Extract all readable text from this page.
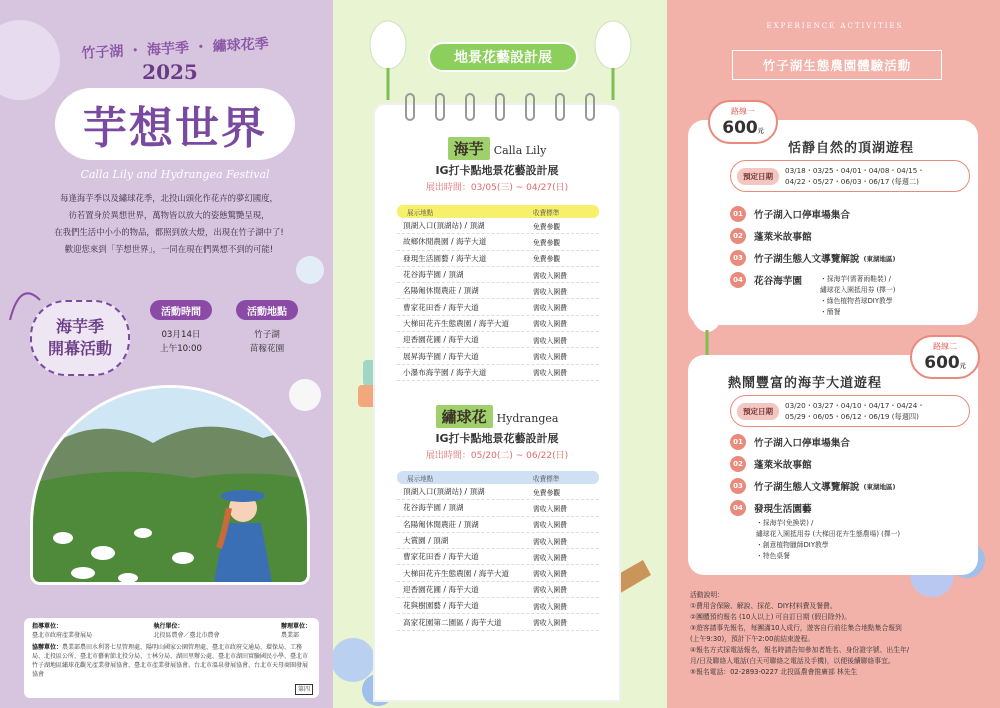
竹子湖 ・ 海芋季 ・ 繡球花季
2025
芋想世界
Calla Lily and Hydrangea Festival
每逢海芋季以及繡球花季，北投山頭化作花卉的夢幻國度，
彷若置身於異想世界，萬物皆以放大的姿態驚艷呈現，
在我們生活中小小的物品，都照到放大燈，出現在竹子湖中了!
歡迎您來到「芋想世界」，一同在現在們異想不到的可能!
海芋季
開幕活動
活動時間
03月14日
上午10:00
活動地點
竹子湖
苗稼花園
指導單位：
臺北市政府產業發展局
執行單位：
北投區農會／臺北市農會
辦理單位：
農業部
協辦單位：農業部農田水利署七星管理處、陽明山國家公園管理處、臺北市政府交通局、環保局、工務局、北投區公所、臺北市藝術節北投分局、士林分局、湖田里辦公處、臺北市湖田實驗國民小學、臺北市竹子湖地區繡球花觀光產業發展協會、臺北市產業發展協會、台北市溫泉發展協會、台北市天母商圈發展協會
第四
地景花藝設計展
海芋 Calla Lily
IG打卡點地景花藝設計展
展出時間：03/05(三) ~ 04/27(日)
展示地點	收費標準
頂湖入口(頂湖站) / 頂湖	免費參觀
故鄉休閒農園 / 海芋大道	免費參觀
發現生活園藝 / 海芋大道	免費參觀
花谷海芋園 / 頂湖	需收入園費
名陽匍休閒農莊 / 頂湖	需收入園費
曹家花田香 / 海芋大道	需收入園費
大梯田花卉生態農園 / 海芋大道	需收入園費
迎香園花圃 / 海芋大道	需收入園費
展昇海芋園 / 海芋大道	需收入園費
小瀑布海芋園 / 海芋大道	需收入園費
繡球花 Hydrangea
IG打卡點地景花藝設計展
展出時間：05/20(二) ~ 06/22(日)
展示地點	收費標準
頂湖入口(頂湖站) / 頂湖	免費參觀
花谷海芋園 / 頂湖	需收入園費
名陽匍休閒農莊 / 頂湖	需收入園費
大賞園 / 頂湖	需收入園費
曹家花田香 / 海芋大道	需收入園費
大梯田花卉生態農園 / 海芋大道	需收入園費
迎香園花圃 / 海芋大道	需收入園費
花與樹園藝 / 海芋大道	需收入園費
高家花園第二園區 / 海芋大道	需收入園費
EXPERIENCE ACTIVITIES
竹子湖生態農園體驗活動
路線一
600元
恬靜自然的頂湖遊程
預定日期
03/18・03/25・04/01・04/08・04/15・
04/22・05/27・06/03・06/17 (每週二)
01	竹子湖入口停車場集合
02	蓬萊米故事館
03	竹子湖生態人文導覽解說 (東湖地區)
04	花谷海芋園	・採海芋(需著雨鞋裝) /
繡球花入園抵用券 (擇一)
・綠色植物苔球DIY教學
・簡餐
路線二
600元
熱鬧豐富的海芋大道遊程
預定日期
03/20・03/27・04/10・04/17・04/24・
05/29・06/05・06/12・06/19 (每週四)
01	竹子湖入口停車場集合
02	蓬萊米故事館
03	竹子湖生態人文導覽解說 (東湖地區)
04	發現生活園藝
・採海芋(免換裝) /
繡球花入園抵用券 (大梯田花卉生態農場) (擇一)
・創意植物臘師DIY教學
・特色桌餐
活動說明：
①費用含保險、解說、採花、DIY材料費及餐費。
②團體預約報名 (10人以上) 可自訂日期 (假日除外)。
③遊客請事先報名，每團滿10人成行，遊客自行前往集合地點集合報到
(上午9:30)，預計下午2:00前結束遊程。
④報名方式採電話報名，報名時請告知參加者姓名、身份證字號、出生年/
月/日及聯絡人電話(白天可聯絡之電話及手機)，以便後續聯絡事宜。
⑤報名電話：02-2893-0227 北投區農會推廣部 林先生
